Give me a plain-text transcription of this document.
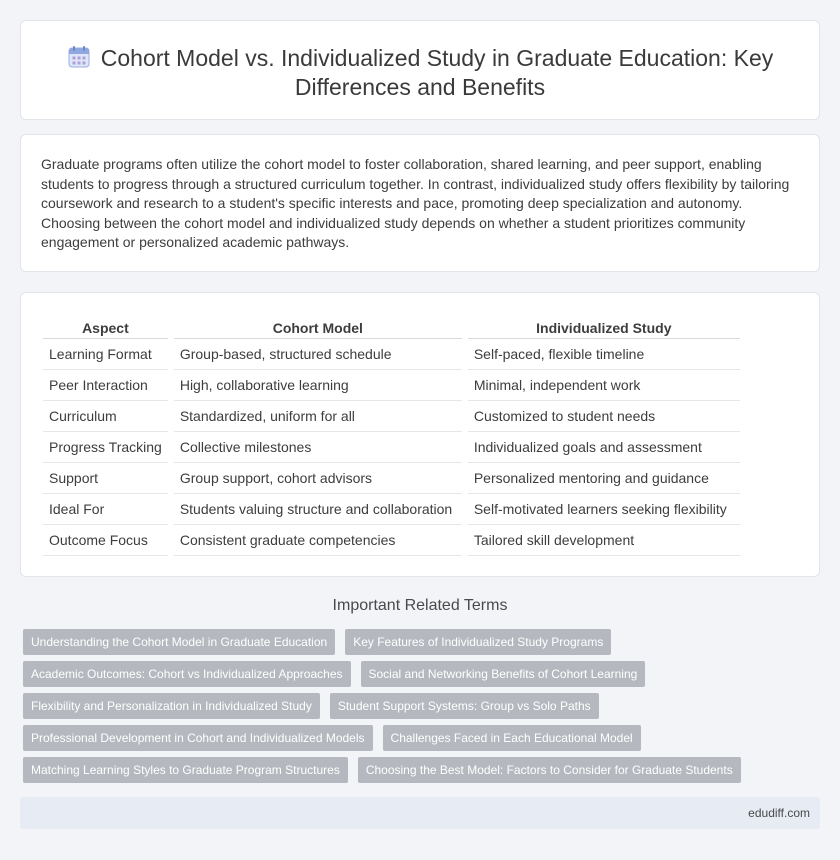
Cohort Model vs. Individualized Study in Graduate Education: Key Differences and Benefits

Graduate programs often utilize the cohort model to foster collaboration, shared learning, and peer support, enabling students to progress through a structured curriculum together. In contrast, individualized study offers flexibility by tailoring coursework and research to a student's specific interests and pace, promoting deep specialization and autonomy. Choosing between the cohort model and individualized study depends on whether a student prioritizes community engagement or personalized academic pathways.

Aspect		Cohort Model		Individualized Study
Learning Format		Group-based, structured schedule		Self-paced, flexible timeline
Peer Interaction		High, collaborative learning		Minimal, independent work
Curriculum		Standardized, uniform for all		Customized to student needs
Progress Tracking		Collective milestones		Individualized goals and assessment
Support		Group support, cohort advisors		Personalized mentoring and guidance
Ideal For		Students valuing structure and collaboration		Self-motivated learners seeking flexibility
Outcome Focus		Consistent graduate competencies		Tailored skill development
Important Related Terms
Understanding the Cohort Model in Graduate Education Key Features of Individualized Study Programs
Academic Outcomes: Cohort vs Individualized Approaches Social and Networking Benefits of Cohort Learning
Flexibility and Personalization in Individualized Study Student Support Systems: Group vs Solo Paths
Professional Development in Cohort and Individualized Models Challenges Faced in Each Educational Model
Matching Learning Styles to Graduate Program Structures Choosing the Best Model: Factors to Consider for Graduate Students
edudiff.com
